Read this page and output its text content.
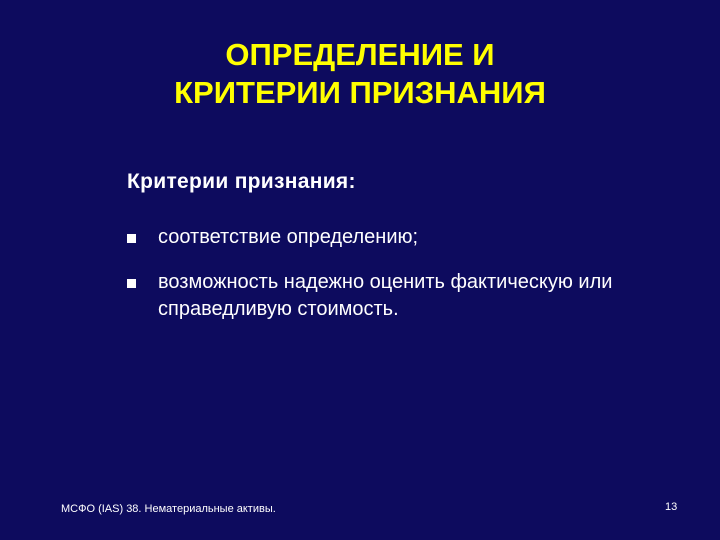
ОПРЕДЕЛЕНИЕ И
КРИТЕРИИ ПРИЗНАНИЯ
Критерии признания:
соответствие определению;
возможность надежно оценить фактическую или справедливую стоимость.
МСФО (IAS) 38. Нематериальные активы.	13
